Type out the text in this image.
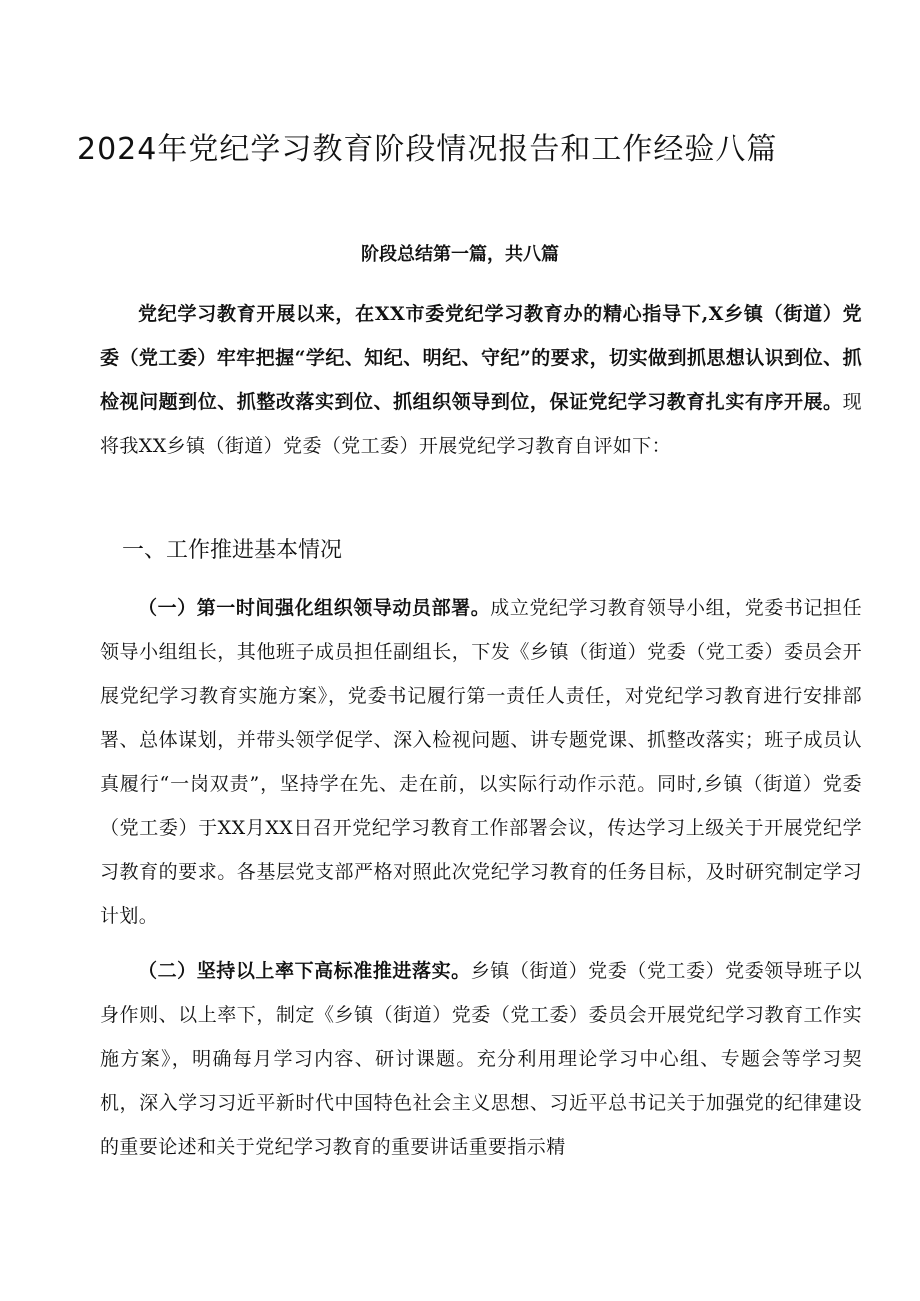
2024年党纪学习教育阶段情况报告和工作经验八篇

阶段总结第一篇，共八篇

党纪学习教育开展以来，在XX市委党纪学习教育办的精心指导下,X乡镇（街道）党委（党工委）牢牢把握“学纪、知纪、明纪、守纪”的要求，切实做到抓思想认识到位、抓检视问题到位、抓整改落实到位、抓组织领导到位，保证党纪学习教育扎实有序开展。现将我XX乡镇（街道）党委（党工委）开展党纪学习教育自评如下：

一、工作推进基本情况

（一）第一时间强化组织领导动员部署。成立党纪学习教育领导小组，党委书记担任领导小组组长，其他班子成员担任副组长，下发《乡镇（街道）党委（党工委）委员会开展党纪学习教育实施方案》，党委书记履行第一责任人责任，对党纪学习教育进行安排部署、总体谋划，并带头领学促学、深入检视问题、讲专题党课、抓整改落实；班子成员认真履行“一岗双责”，坚持学在先、走在前，以实际行动作示范。同时,乡镇（街道）党委（党工委）于XX月XX日召开党纪学习教育工作部署会议，传达学习上级关于开展党纪学习教育的要求。各基层党支部严格对照此次党纪学习教育的任务目标，及时研究制定学习计划。

（二）坚持以上率下高标准推进落实。乡镇（街道）党委（党工委）党委领导班子以身作则、以上率下，制定《乡镇（街道）党委（党工委）委员会开展党纪学习教育工作实施方案》，明确每月学习内容、研讨课题。充分利用理论学习中心组、专题会等学习契机，深入学习习近平新时代中国特色社会主义思想、习近平总书记关于加强党的纪律建设的重要论述和关于党纪学习教育的重要讲话重要指示精
